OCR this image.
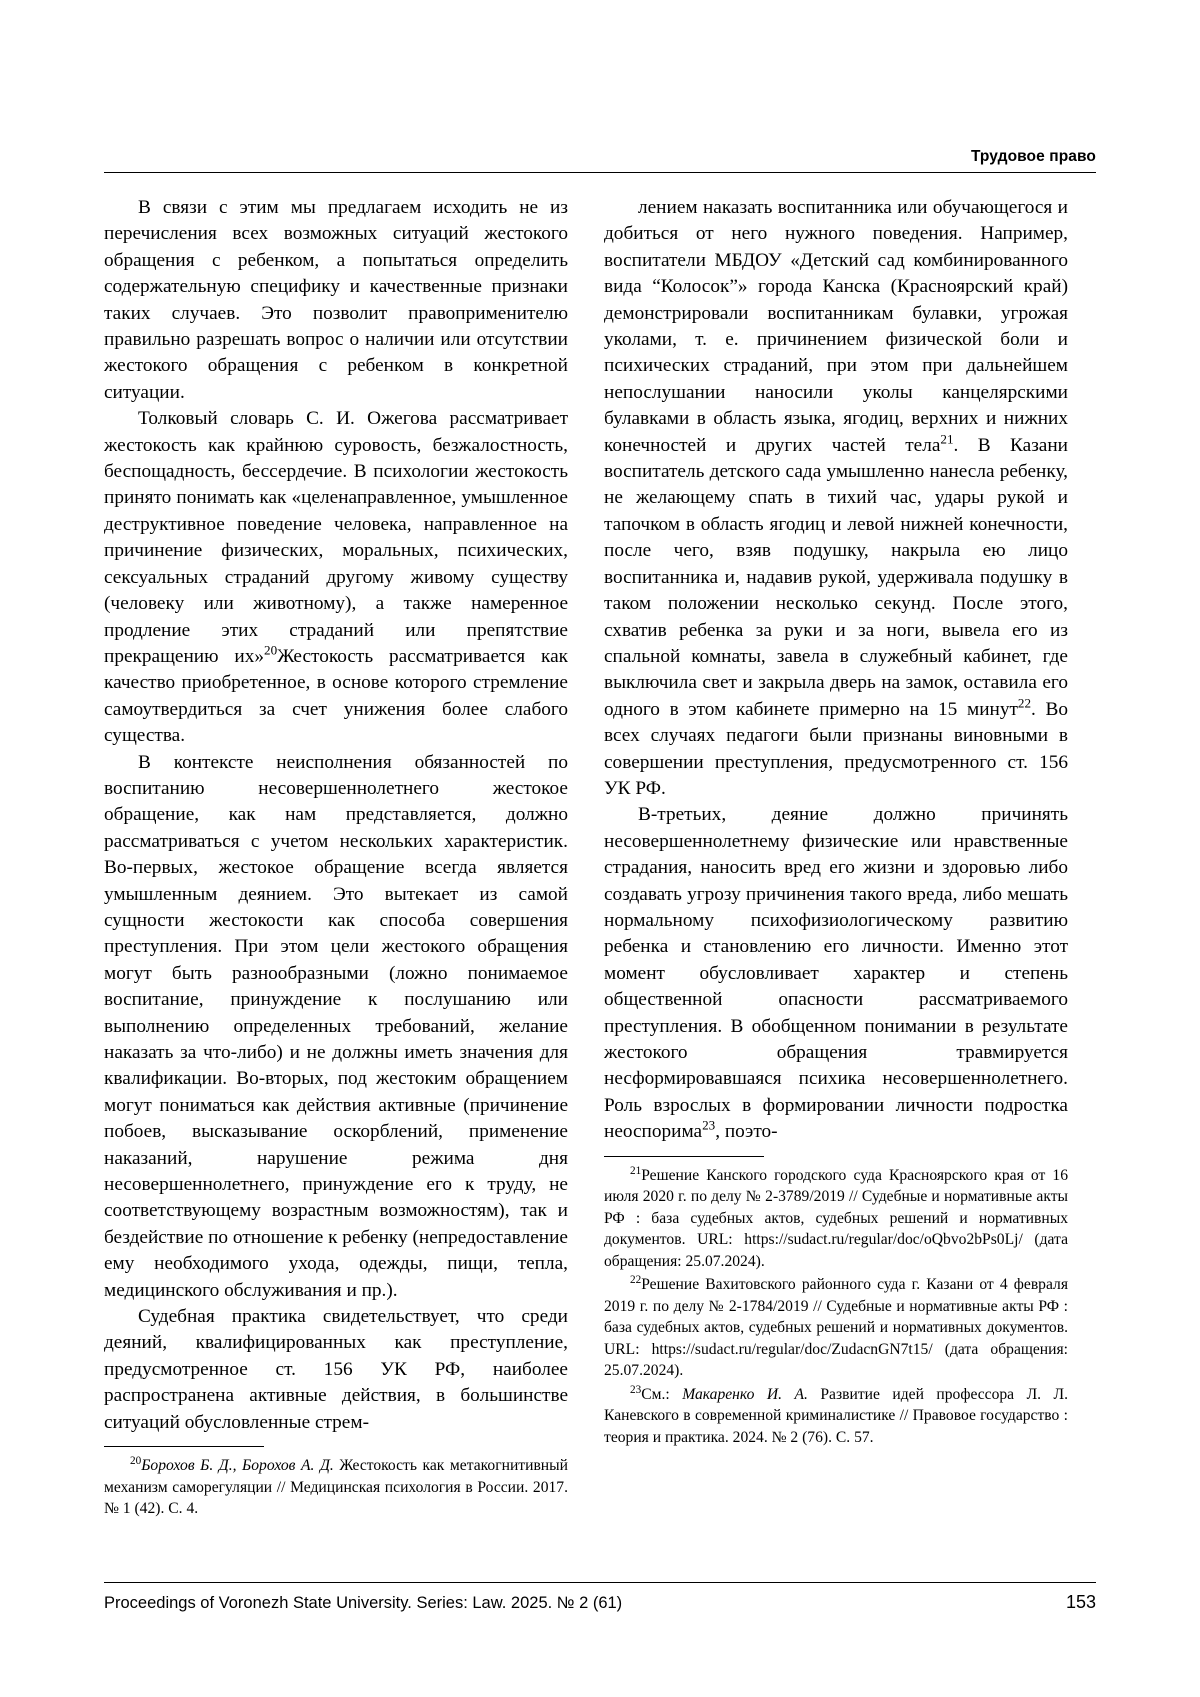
Трудовое право

В связи с этим мы предлагаем исходить не из перечисления всех возможных ситуаций жестокого обращения с ребенком, а попытаться определить содержательную специфику и качественные признаки таких случаев. Это позволит правоприменителю правильно разрешать вопрос о наличии или отсутствии жестокого обращения с ребенком в конкретной ситуации.

Толковый словарь С. И. Ожегова рассматривает жестокость как крайнюю суровость, безжалостность, беспощадность, бессердечие. В психологии жестокость принято понимать как «целенаправленное, умышленное деструктивное поведение человека, направленное на причинение физических, моральных, психических, сексуальных страданий другому живому существу (человеку или животному), а также намеренное продление этих страданий или препятствие прекращению их»$^{20}$Жестокость рассматривается как качество приобретенное, в основе которого стремление самоутвердиться за счет унижения более слабого существа.

В контексте неисполнения обязанностей по воспитанию несовершеннолетнего жестокое обращение, как нам представляется, должно рассматриваться с учетом нескольких характеристик. Во-первых, жестокое обращение всегда является умышленным деянием. Это вытекает из самой сущности жестокости как способа совершения преступления. При этом цели жестокого обращения могут быть разнообразными (ложно понимаемое воспитание, принуждение к послушанию или выполнению определенных требований, желание наказать за что-либо) и не должны иметь значения для квалификации. Во-вторых, под жестоким обращением могут пониматься как действия активные (причинение побоев, высказывание оскорблений, применение наказаний, нарушение режима дня несовершеннолетнего, принуждение его к труду, не соответствующему возрастным возможностям), так и бездействие по отношение к ребенку (непредоставление ему необходимого ухода, одежды, пищи, тепла, медицинского обслуживания и пр.).

Судебная практика свидетельствует, что среди деяний, квалифицированных как преступление, предусмотренное ст. 156 УК РФ, наиболее распространена активные действия, в большинстве ситуаций обусловленные стрем-

$^{20}$Борохов Б. Д., Борохов А. Д. Жестокость как метакогнитивный механизм саморегуляции // Медицинская психология в России. 2017. № 1 (42). С. 4.

лением наказать воспитанника или обучающегося и добиться от него нужного поведения. Например, воспитатели МБДОУ «Детский сад комбинированного вида “Колосок”» города Канска (Красноярский край) демонстрировали воспитанникам булавки, угрожая уколами, т. е. причинением физической боли и психических страданий, при этом при дальнейшем непослушании наносили уколы канцелярскими булавками в область языка, ягодиц, верхних и нижних конечностей и других частей тела$^{21}$. В Казани воспитатель детского сада умышленно нанесла ребенку, не желающему спать в тихий час, удары рукой и тапочком в область ягодиц и левой нижней конечности, после чего, взяв подушку, накрыла ею лицо воспитанника и, надавив рукой, удерживала подушку в таком положении несколько секунд. После этого, схватив ребенка за руки и за ноги, вывела его из спальной комнаты, завела в служебный кабинет, где выключила свет и закрыла дверь на замок, оставила его одного в этом кабинете примерно на 15 минут$^{22}$. Во всех случаях педагоги были признаны виновными в совершении преступления, предусмотренного ст. 156 УК РФ.

В-третьих, деяние должно причинять несовершеннолетнему физические или нравственные страдания, наносить вред его жизни и здоровью либо создавать угрозу причинения такого вреда, либо мешать нормальному психофизиологическому развитию ребенка и становлению его личности. Именно этот момент обусловливает характер и степень общественной опасности рассматриваемого преступления. В обобщенном понимании в результате жестокого обращения травмируется несформировавшаяся психика несовершеннолетнего. Роль взрослых в формировании личности подростка неоспорима$^{23}$, поэто-

$^{21}$Решение Канского городского суда Красноярского края от 16 июля 2020 г. по делу № 2-3789/2019 // Судебные и нормативные акты РФ : база судебных актов, судебных решений и нормативных документов. URL: https://sudact.ru/regular/doc/oQbvo2bPs0Lj/ (дата обращения: 25.07.2024).

$^{22}$Решение Вахитовского районного суда г. Казани от 4 февраля 2019 г. по делу № 2-1784/2019 // Судебные и нормативные акты РФ : база судебных актов, судебных решений и нормативных документов. URL: https://sudact.ru/regular/doc/ZudacnGN7t15/ (дата обращения: 25.07.2024).

$^{23}$См.: Макаренко И. А. Развитие идей профессора Л. Л. Каневского в современной криминалистике // Правовое государство : теория и практика. 2024. № 2 (76). С. 57.

Proceedings of Voronezh State University. Series: Law. 2025. № 2 (61)	153
